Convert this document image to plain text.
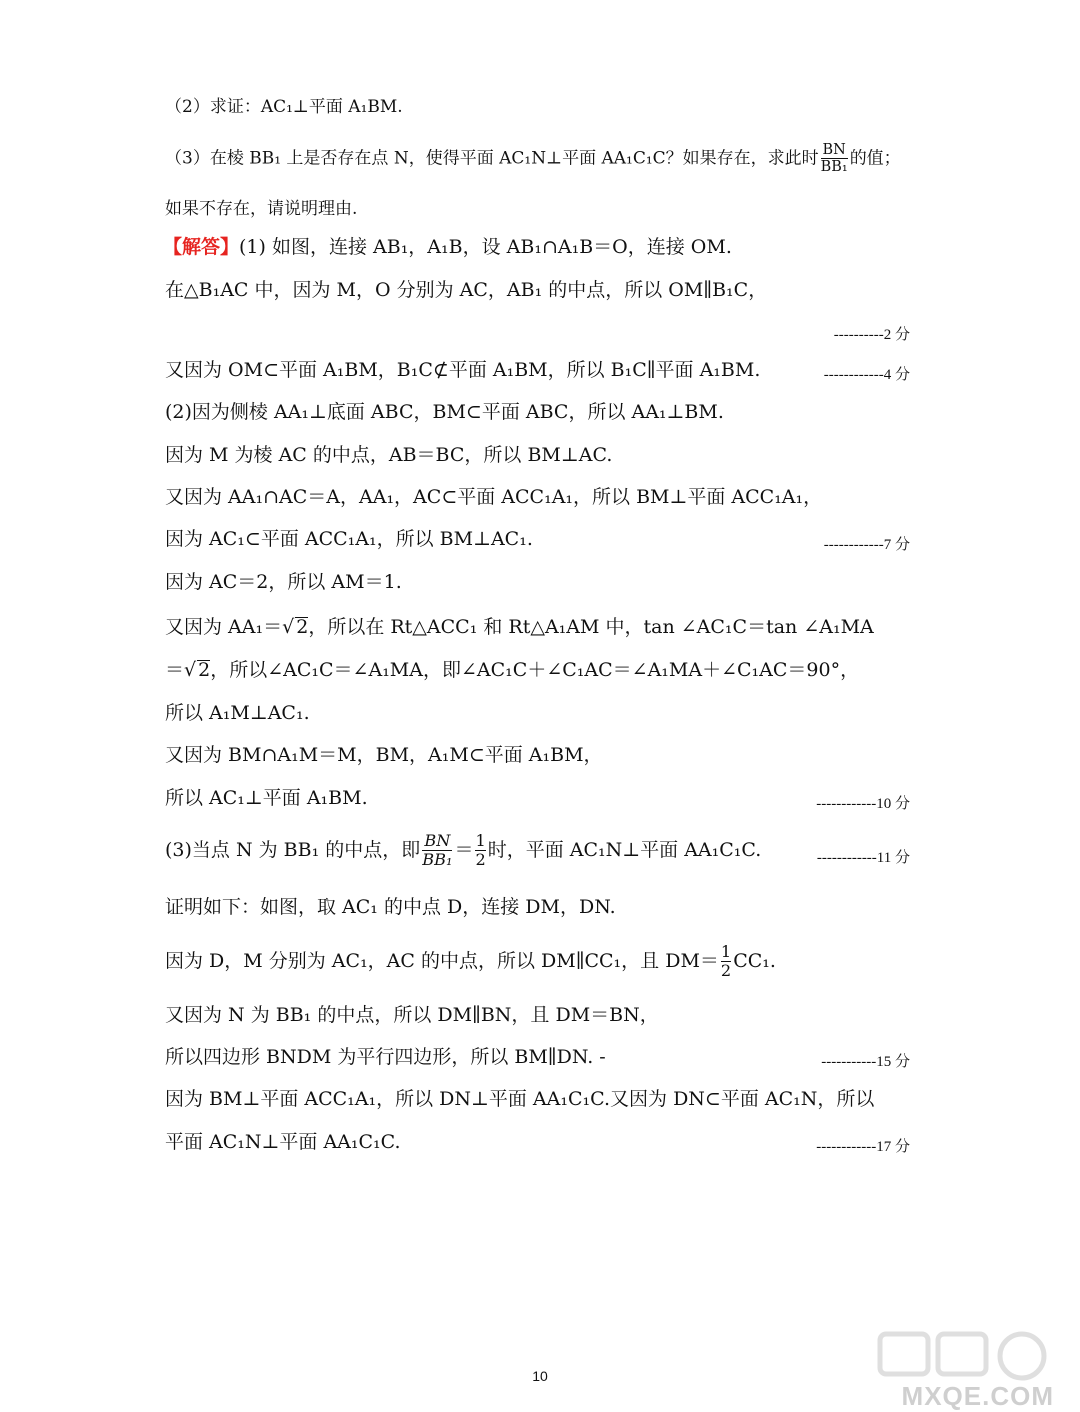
（2）求证：AC₁⊥平面 A₁BM.
（3）在棱 BB₁ 上是否存在点 N，使得平面 AC₁N⊥平面 AA₁C₁C？如果存在，求此时 $\frac{BN}{\text{BB₁}}$ 的值；
如果不存在，请说明理由.
【解答】(1) 如图，连接 AB₁，A₁B，设 AB₁∩A₁B＝O，连接 OM.
在△B₁AC 中，因为 M，O 分别为 AC，AB₁ 的中点，所以 OM∥B₁C，
----------2 分
又因为 OM⊂平面 A₁BM，B₁C⊄平面 A₁BM，所以 B₁C∥平面 A₁BM.	------------4 分
(2)因为侧棱 AA₁⊥底面 ABC，BM⊂平面 ABC，所以 AA₁⊥BM.
因为 M 为棱 AC 的中点，AB＝BC，所以 BM⊥AC.
又因为 AA₁∩AC＝A，AA₁，AC⊂平面 ACC₁A₁，所以 BM⊥平面 ACC₁A₁，
因为 AC₁⊂平面 ACC₁A₁，所以 BM⊥AC₁.	------------7 分
因为 AC＝2，所以 AM＝1.
又因为 AA₁＝√ 2，所以在 Rt△ACC₁ 和 Rt△A₁AM 中，tan ∠AC₁C＝tan ∠A₁MA
＝√ 2，所以∠AC₁C＝∠A₁MA，即∠AC₁C＋∠C₁AC＝∠A₁MA＋∠C₁AC＝90°，
所以 A₁M⊥AC₁.
又因为 BM∩A₁M＝M，BM，A₁M⊂平面 A₁BM，
所以 AC₁⊥平面 A₁BM.	------------10 分
(3)当点 N 为 BB₁ 的中点，即 $\frac{BN}{\text{BB₁}} = \frac{1}{2}$ 时，平面 AC₁N⊥平面 AA₁C₁C.	------------11 分
证明如下：如图，取 AC₁ 的中点 D，连接 DM，DN.
因为 D，M 分别为 AC₁，AC 的中点，所以 DM∥CC₁，且 $DM= \frac{1}{2} CC_1$.
又因为 N 为 BB₁ 的中点，所以 DM∥BN，且 DM＝BN，
所以四边形 BNDM 为平行四边形，所以 BM∥DN. -	-----------15 分
因为 BM⊥平面 ACC₁A₁，所以 DN⊥平面 AA₁C₁C.又因为 DN⊂平面 AC₁N，所以
平面 AC₁N⊥平面 AA₁C₁C.	------------17 分
10
MXQE.COM
